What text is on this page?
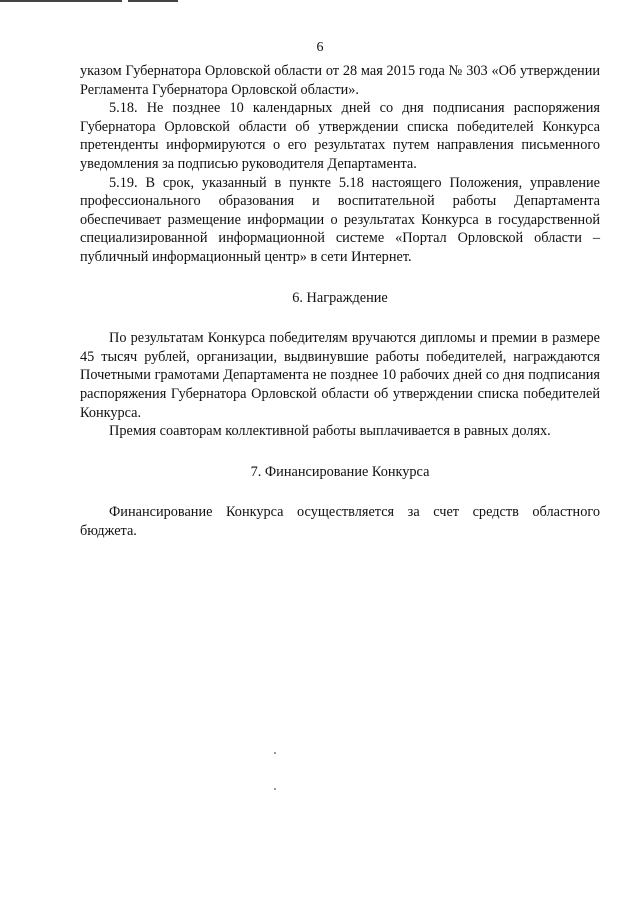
6

указом Губернатора Орловской области от 28 мая 2015 года № 303 «Об утверждении Регламента Губернатора Орловской области».

5.18. Не позднее 10 календарных дней со дня подписания распоряжения Губернатора Орловской области об утверждении списка победителей Конкурса претенденты информируются о его результатах путем направления письменного уведомления за подписью руководителя Департамента.

5.19. В срок, указанный в пункте 5.18 настоящего Положения, управление профессионального образования и воспитательной работы Департамента обеспечивает размещение информации о результатах Конкурса в государственной специализированной информационной системе «Портал Орловской области – публичный информационный центр» в сети Интернет.

6. Награждение

По результатам Конкурса победителям вручаются дипломы и премии в размере 45 тысяч рублей, организации, выдвинувшие работы победителей, награждаются Почетными грамотами Департамента не позднее 10 рабочих дней со дня подписания распоряжения Губернатора Орловской области об утверждении списка победителей Конкурса.

Премия соавторам коллективной работы выплачивается в равных долях.

7. Финансирование Конкурса

Финансирование Конкурса осуществляется за счет средств областного бюджета.
